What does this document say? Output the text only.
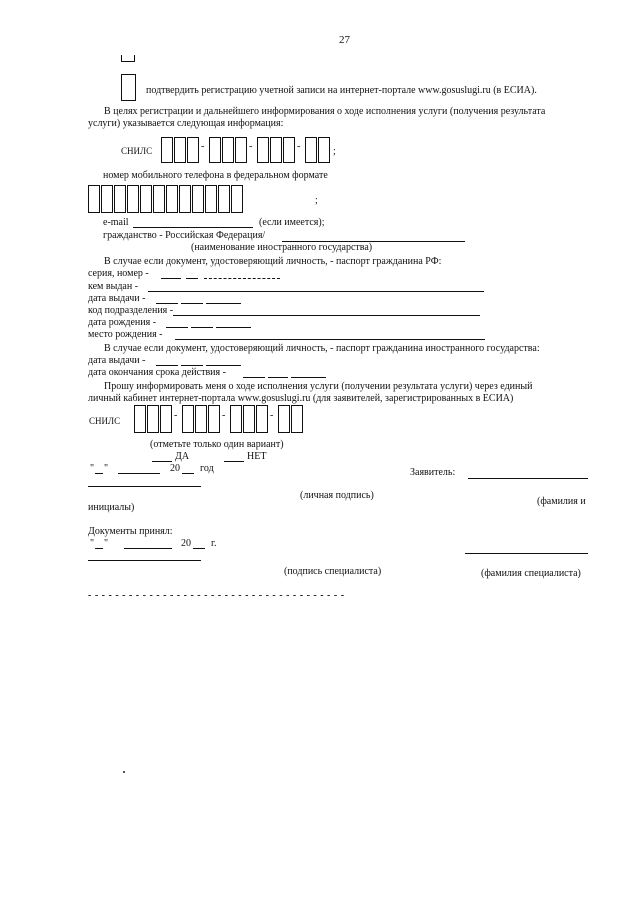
27
подтвердить регистрацию учетной записи на интернет-портале www.gosuslugi.ru (в ЕСИА).
В целях регистрации и дальнейшего информирования о ходе исполнения услуги (получения результата
услуги) указывается следующая информация:
СНИЛС	-	-	-	;
номер мобильного телефона в федеральном формате
;
e-mail	(если имеется);
гражданство - Российская Федерация/
(наименование иностранного государства)
В случае если документ, удостоверяющий личность, - паспорт гражданина РФ:
серия, номер -
кем выдан -
дата выдачи -
код подразделения -
дата рождения -
место рождения -
В случае если документ, удостоверяющий личность, - паспорт гражданина иностранного государства:
дата выдачи -
дата окончания срока действия -
Прошу информировать меня о ходе исполнения услуги (получении результата услуги) через единый
личный кабинет интернет-портала www.gosuslugi.ru (для заявителей, зарегистрированных в ЕСИА)
СНИЛС	-	-	-
(отметьте только один вариант)
ДА	НЕТ
" "	20 год	Заявитель:
(личная подпись)
(фамилия и
инициалы)
Документы принял:
" "	20 г.
(подпись специалиста)	(фамилия специалиста)
- - - - - - - - - - - - - - - - - - - - - - - - - - - - - - - - - - - - - -
